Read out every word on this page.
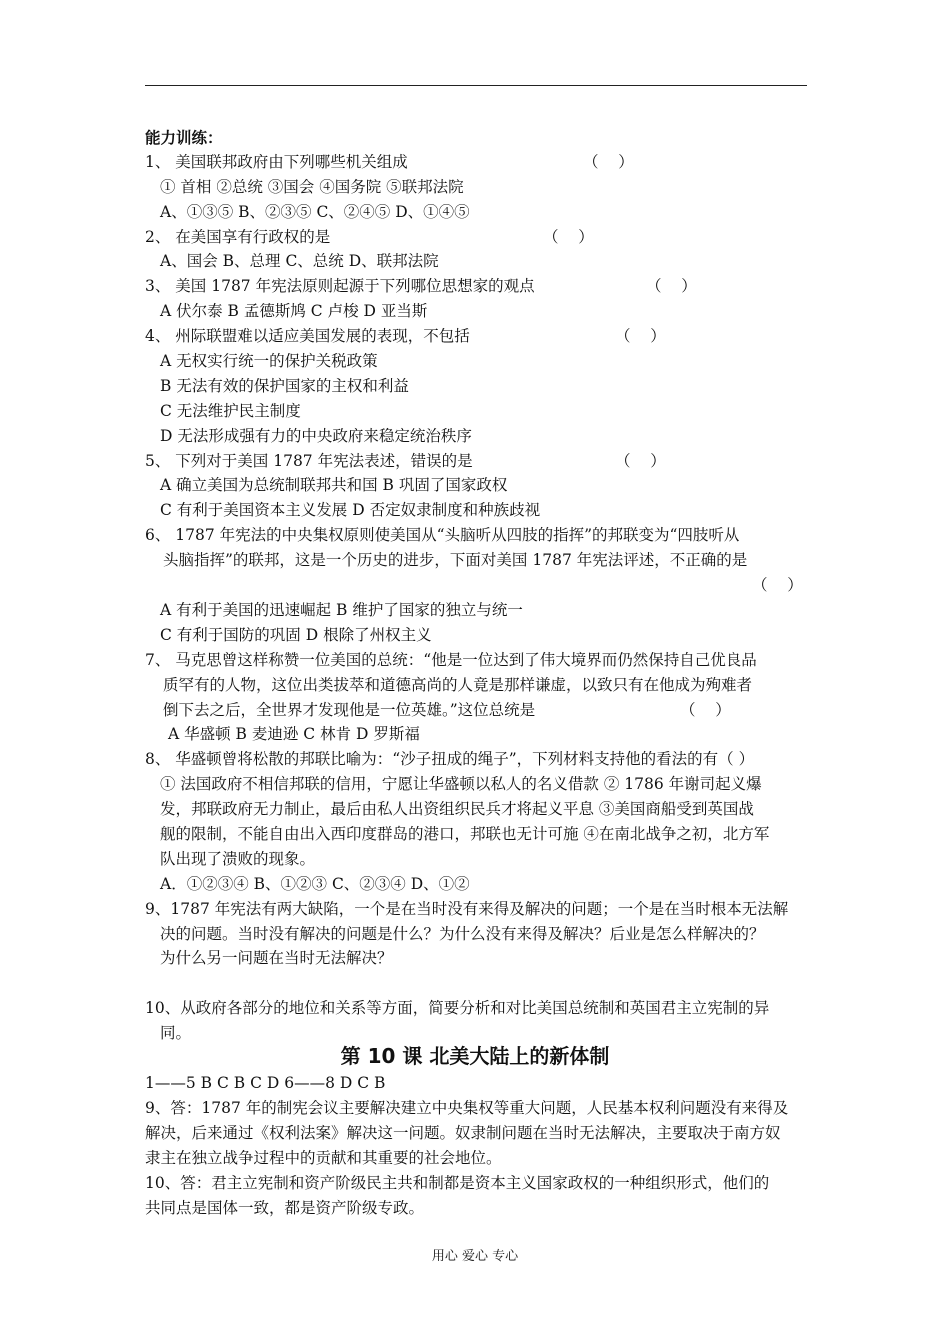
能力训练：
1、 美国联邦政府由下列哪些机关组成	（    ）
① 首相 ②总统 ③国会 ④国务院 ⑤联邦法院
A、①③⑤ B、②③⑤ C、②④⑤ D、①④⑤
2、 在美国享有行政权的是	（    ）
A、国会 B、总理 C、总统 D、联邦法院
3、 美国 1787 年宪法原则起源于下列哪位思想家的观点	（    ）
A 伏尔泰 B 孟德斯鸠 C 卢梭 D 亚当斯
4、 州际联盟难以适应美国发展的表现，不包括	（    ）
A 无权实行统一的保护关税政策
B 无法有效的保护国家的主权和利益
C 无法维护民主制度
D 无法形成强有力的中央政府来稳定统治秩序
5、 下列对于美国 1787 年宪法表述，错误的是	（    ）
A 确立美国为总统制联邦共和国 B 巩固了国家政权
C 有利于美国资本主义发展 D 否定奴隶制度和种族歧视
6、 1787 年宪法的中央集权原则使美国从“头脑听从四肢的指挥”的邦联变为“四肢听从
头脑指挥”的联邦，这是一个历史的进步，下面对美国 1787 年宪法评述，不正确的是
（    ）
A 有利于美国的迅速崛起 B 维护了国家的独立与统一
C 有利于国防的巩固 D 根除了州权主义
7、 马克思曾这样称赞一位美国的总统：“他是一位达到了伟大境界而仍然保持自己优良品
质罕有的人物，这位出类拔萃和道德高尚的人竟是那样谦虚，以致只有在他成为殉难者
倒下去之后，全世界才发现他是一位英雄。”这位总统是	（    ）
A 华盛顿 B 麦迪逊 C 林肯 D 罗斯福
8、 华盛顿曾将松散的邦联比喻为：“沙子扭成的绳子”，下列材料支持他的看法的有（ ）
① 法国政府不相信邦联的信用，宁愿让华盛顿以私人的名义借款 ② 1786 年谢司起义爆
发，邦联政府无力制止，最后由私人出资组织民兵才将起义平息 ③美国商船受到英国战
舰的限制，不能自由出入西印度群岛的港口，邦联也无计可施 ④在南北战争之初，北方军
队出现了溃败的现象。
A．①②③④ B、①②③ C、②③④ D、①②
9、1787 年宪法有两大缺陷，一个是在当时没有来得及解决的问题；一个是在当时根本无法解
决的问题。当时没有解决的问题是什么？为什么没有来得及解决？后业是怎么样解决的？
为什么另一问题在当时无法解决？
10、从政府各部分的地位和关系等方面，简要分析和对比美国总统制和英国君主立宪制的异
同。
第 10 课 北美大陆上的新体制
1——5 B C B C D 6——8 D C B
9、答：1787 年的制宪会议主要解决建立中央集权等重大问题，人民基本权利问题没有来得及
解决，后来通过《权利法案》解决这一问题。奴隶制问题在当时无法解决，主要取决于南方奴
隶主在独立战争过程中的贡献和其重要的社会地位。
10、答：君主立宪制和资产阶级民主共和制都是资本主义国家政权的一种组织形式，他们的
共同点是国体一致，都是资产阶级专政。
用心 爱心 专心
